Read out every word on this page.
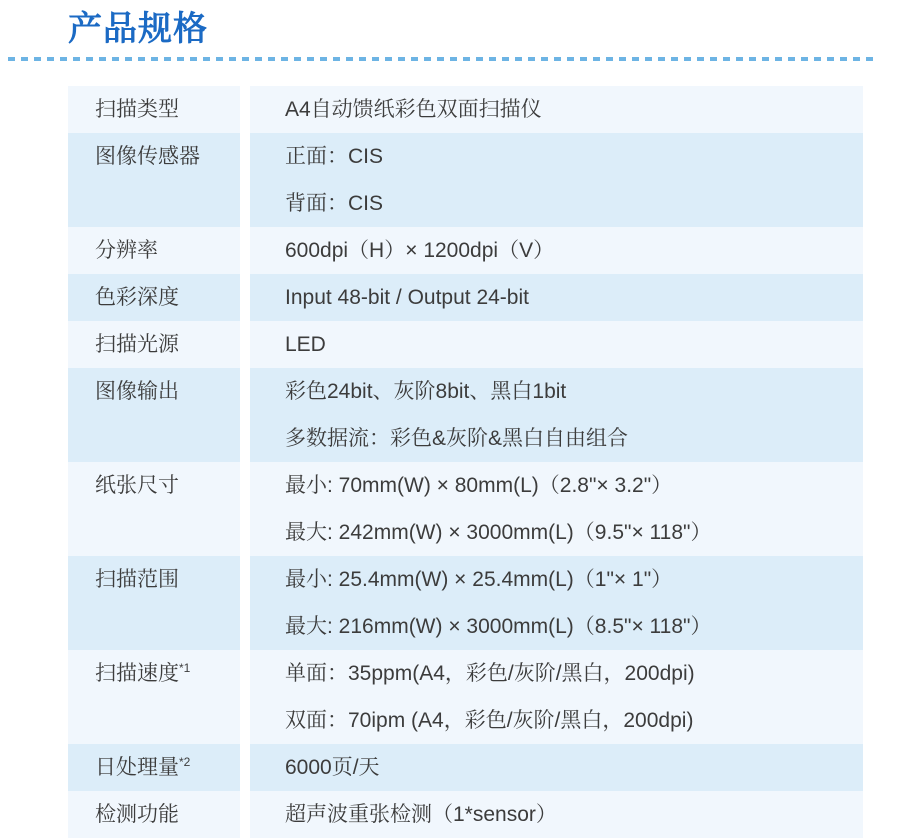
产品规格
扫描类型	A4自动馈纸彩色双面扫描仪
图像传感器	正面：CIS
背面：CIS
分辨率	600dpi（H）× 1200dpi（V）
色彩深度	Input 48-bit / Output 24-bit
扫描光源	LED
图像输出	彩色24bit、灰阶8bit、黑白1bit
多数据流：彩色&灰阶&黑白自由组合
纸张尺寸	最小: 70mm(W) × 80mm(L)（2.8"× 3.2"）
最大: 242mm(W) × 3000mm(L)（9.5"× 118"）
扫描范围	最小: 25.4mm(W) × 25.4mm(L)（1"× 1"）
最大: 216mm(W) × 3000mm(L)（8.5"× 118"）
扫描速度$^{*1}$	单面：35ppm(A4，彩色/灰阶/黑白，200dpi)
双面：70ipm (A4，彩色/灰阶/黑白，200dpi)
日处理量$^{*2}$	6000页/天
检测功能	超声波重张检测（1*sensor）
